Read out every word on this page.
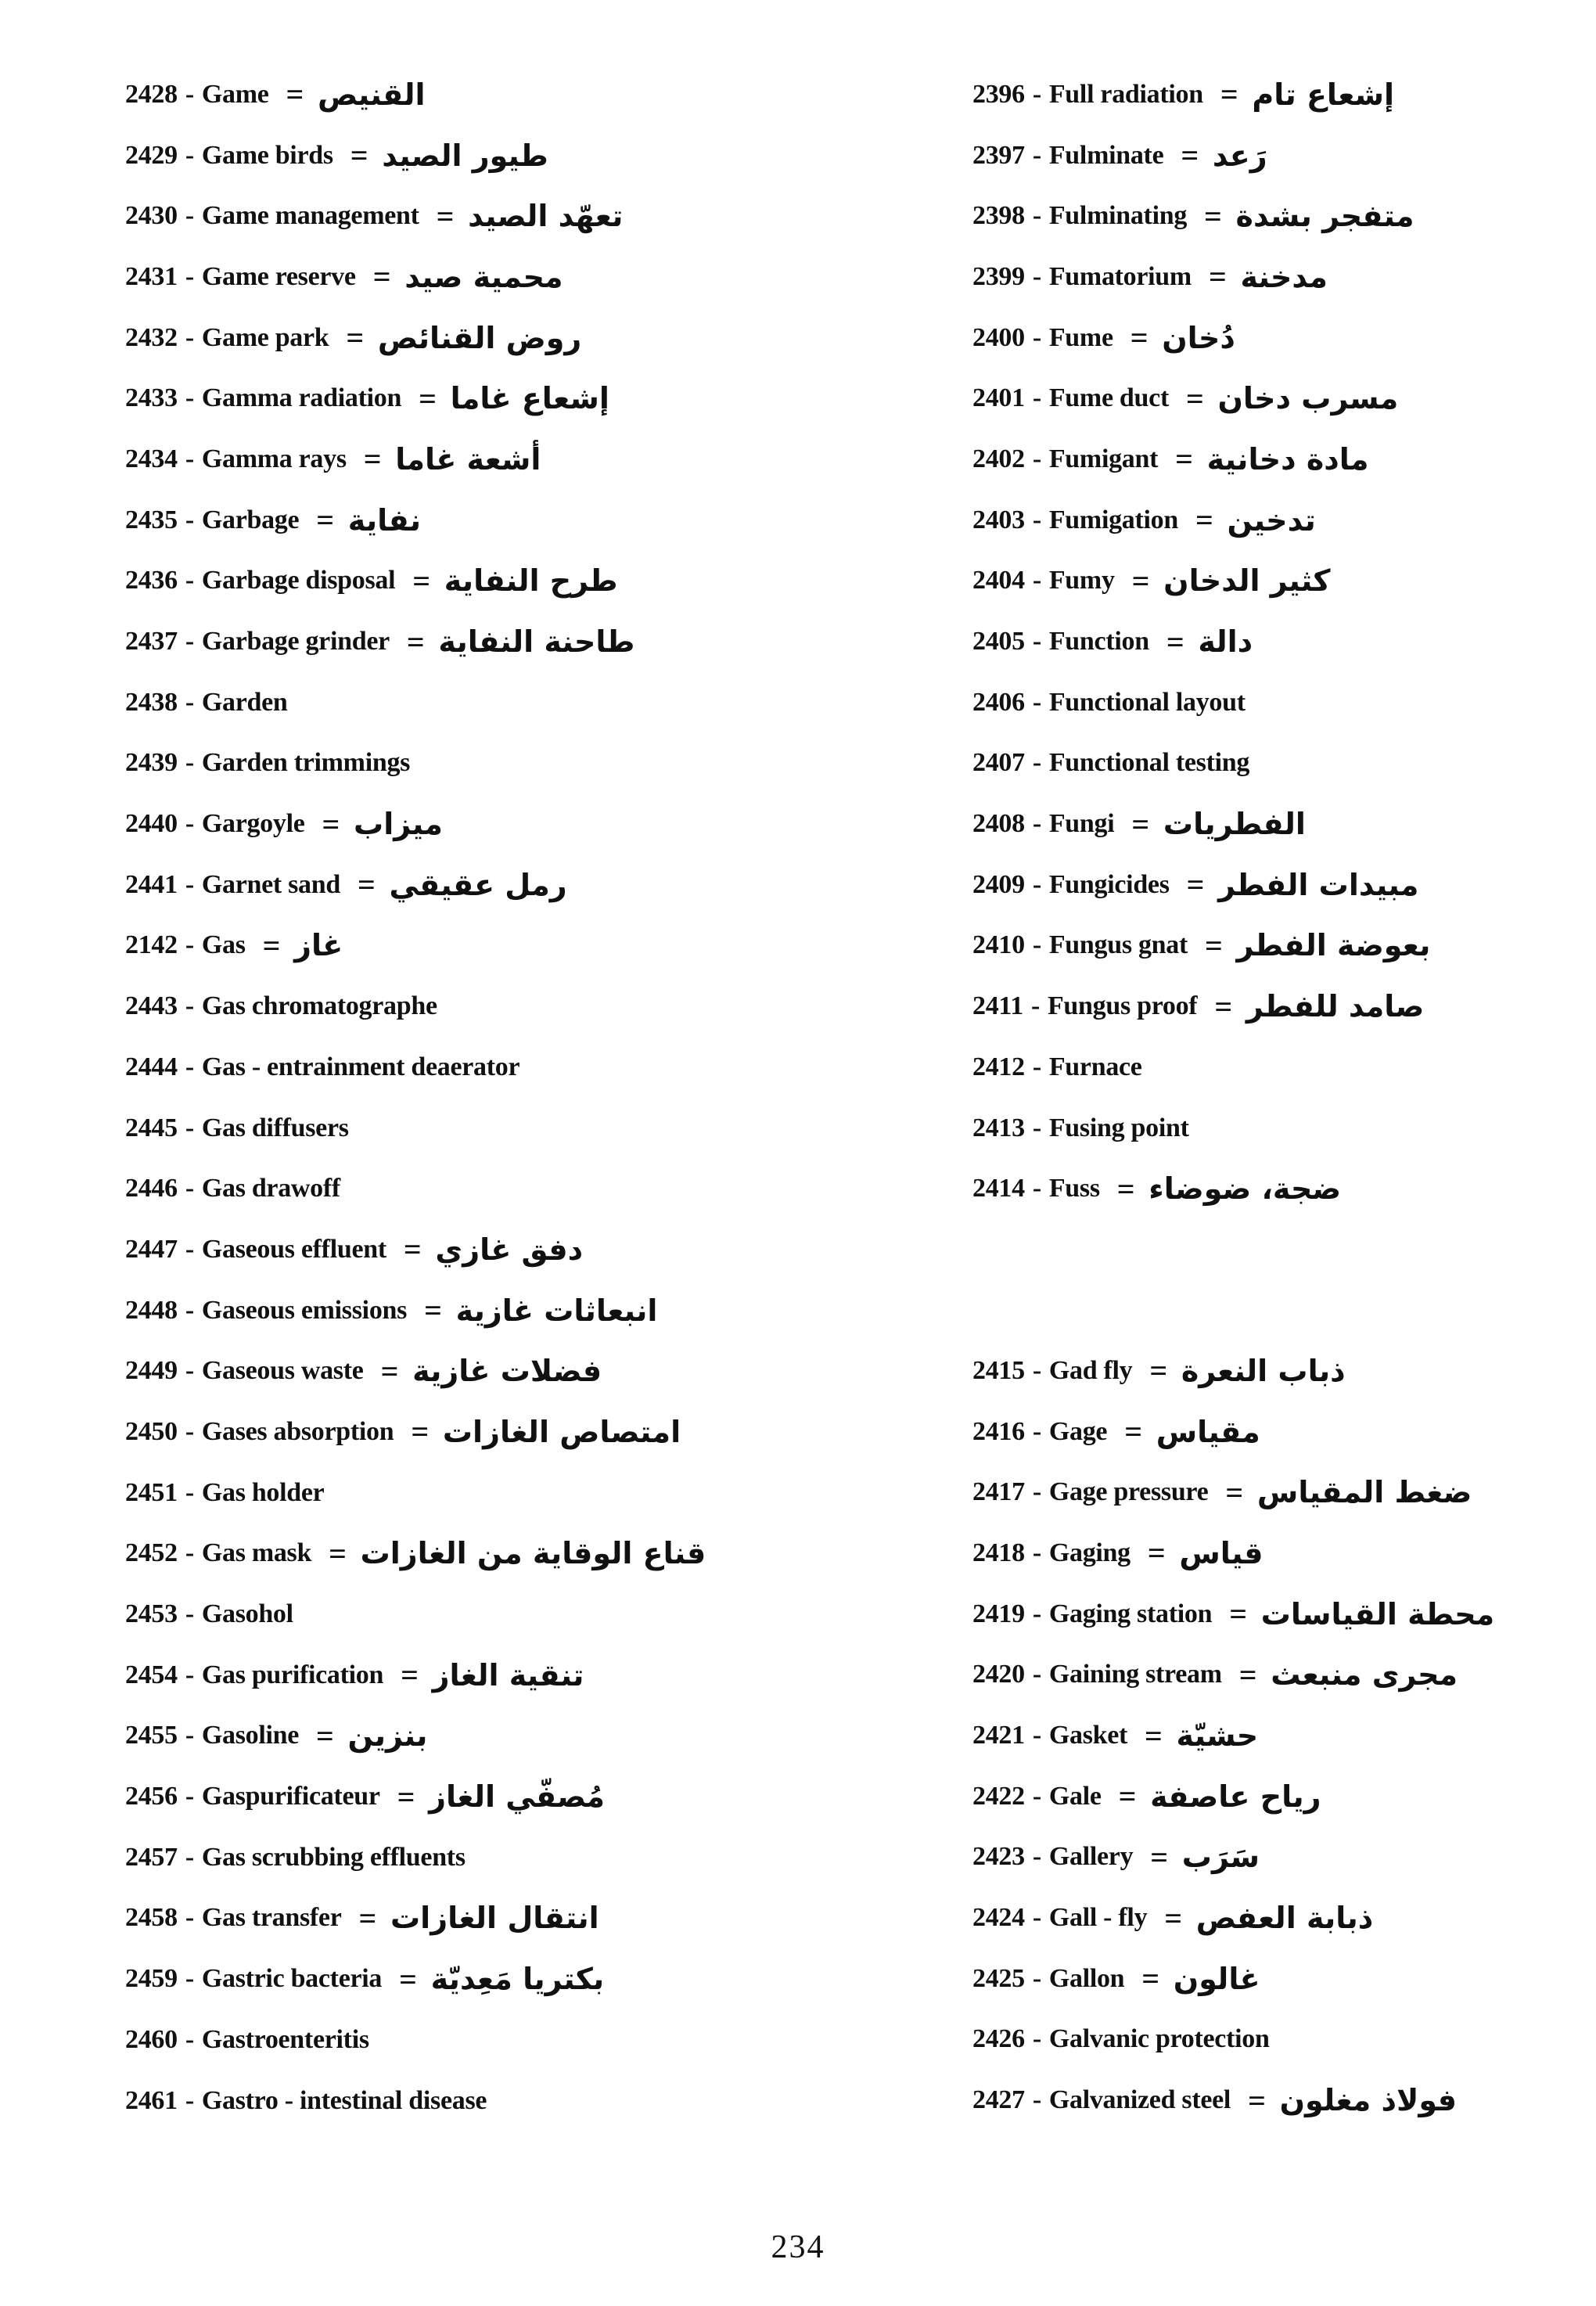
2428 - Game = القنيص
2429 - Game birds = طيور الصيد
2430 - Game management = تعهّد الصيد
2431 - Game reserve = محمية صيد
2432 - Game park = روض القنائص
2433 - Gamma radiation = إشعاع غاما
2434 - Gamma rays = أشعة غاما
2435 - Garbage = نفاية
2436 - Garbage disposal = طرح النفاية
2437 - Garbage grinder = طاحنة النفاية
2438 - Garden
2439 - Garden trimmings
2440 - Gargoyle = ميزاب
2441 - Garnet sand = رمل عقيقي
2142 - Gas = غاز
2443 - Gas chromatographe
2444 - Gas - entrainment deaerator
2445 - Gas diffusers
2446 - Gas drawoff
2447 - Gaseous effluent = دفق غازي
2448 - Gaseous emissions = انبعاثات غازية
2449 - Gaseous waste = فضلات غازية
2450 - Gases absorption = امتصاص الغازات
2451 - Gas holder
2452 - Gas mask = قناع الوقاية من الغازات
2453 - Gasohol
2454 - Gas purification = تنقية الغاز
2455 - Gasoline = بنزين
2456 - Gaspurificateur = مُصفّي الغاز
2457 - Gas scrubbing effluents
2458 - Gas transfer = انتقال الغازات
2459 - Gastric bacteria = بكتريا مَعِديّة
2460 - Gastroenteritis
2461 - Gastro - intestinal disease
2396 - Full radiation = إشعاع تام
2397 - Fulminate = رَعد
2398 - Fulminating = متفجر بشدة
2399 - Fumatorium = مدخنة
2400 - Fume = دُخان
2401 - Fume duct = مسرب دخان
2402 - Fumigant = مادة دخانية
2403 - Fumigation = تدخين
2404 - Fumy = كثير الدخان
2405 - Function = دالة
2406 - Functional layout
2407 - Functional testing
2408 - Fungi = الفطريات
2409 - Fungicides = مبيدات الفطر
2410 - Fungus gnat = بعوضة الفطر
2411 - Fungus proof = صامد للفطر
2412 - Furnace
2413 - Fusing point
2414 - Fuss = ضجة، ضوضاء
2415 - Gad fly = ذباب النعرة
2416 - Gage = مقياس
2417 - Gage pressure = ضغط المقياس
2418 - Gaging = قياس
2419 - Gaging station = محطة القياسات
2420 - Gaining stream = مجرى منبعث
2421 - Gasket = حشيّة
2422 - Gale = رياح عاصفة
2423 - Gallery = سَرَب
2424 - Gall - fly = ذبابة العفص
2425 - Gallon = غالون
2426 - Galvanic protection
2427 - Galvanized steel = فولاذ مغلون
234
